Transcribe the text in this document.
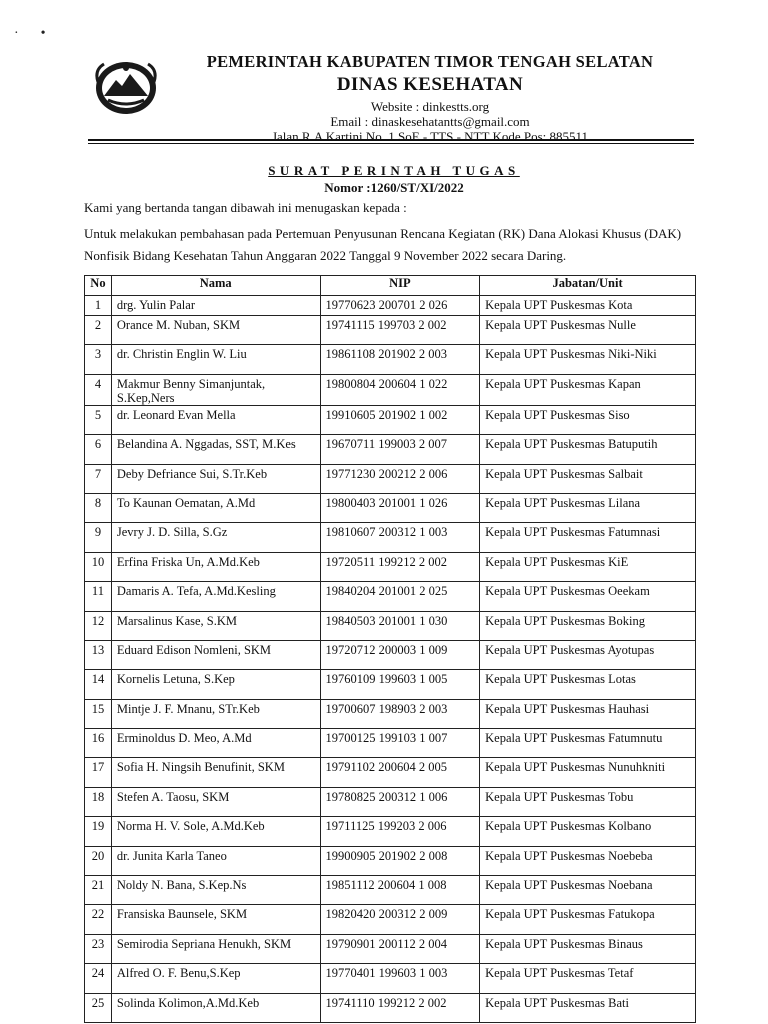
·•
PEMERINTAH KABUPATEN TIMOR TENGAH SELATAN
DINAS KESEHATAN
Website : dinkestts.org
Email : dinaskesehatantts@gmail.com
Jalan R.A Kartini No. 1 SoE - TTS - NTT Kode Pos: 885511
SURAT PERINTAH TUGAS
Nomor :1260/ST/XI/2022
Kami yang bertanda tangan dibawah ini menugaskan kepada :
Untuk melakukan pembahasan pada Pertemuan Penyusunan Rencana Kegiatan (RK) Dana Alokasi Khusus (DAK) Nonfisik Bidang Kesehatan Tahun Anggaran 2022 Tanggal 9 November 2022 secara Daring.
No	Nama	NIP	Jabatan/Unit
1	drg. Yulin Palar	19770623 200701 2 026	Kepala UPT Puskesmas Kota
2	Orance M. Nuban, SKM	19741115 199703 2 002	Kepala UPT Puskesmas Nulle
3	dr. Christin Englin W. Liu	19861108 201902 2 003	Kepala UPT Puskesmas Niki-Niki
4	Makmur Benny Simanjuntak, S.Kep,Ners	19800804 200604 1 022	Kepala UPT Puskesmas Kapan
5	dr. Leonard Evan Mella	19910605 201902 1 002	Kepala UPT Puskesmas Siso
6	Belandina A. Nggadas, SST, M.Kes	19670711 199003 2 007	Kepala UPT Puskesmas Batuputih
7	Deby Defriance Sui, S.Tr.Keb	19771230 200212 2 006	Kepala UPT Puskesmas Salbait
8	To Kaunan Oematan, A.Md	19800403 201001 1 026	Kepala UPT Puskesmas Lilana
9	Jevry J. D. Silla, S.Gz	19810607 200312 1 003	Kepala UPT Puskesmas Fatumnasi
10	Erfina Friska Un, A.Md.Keb	19720511 199212 2 002	Kepala UPT Puskesmas KiE
11	Damaris A. Tefa, A.Md.Kesling	19840204 201001 2 025	Kepala UPT Puskesmas Oeekam
12	Marsalinus Kase, S.KM	19840503 201001 1 030	Kepala UPT Puskesmas Boking
13	Eduard Edison Nomleni, SKM	19720712 200003 1 009	Kepala UPT Puskesmas Ayotupas
14	Kornelis Letuna, S.Kep	19760109 199603 1 005	Kepala UPT Puskesmas Lotas
15	Mintje J. F. Mnanu, STr.Keb	19700607 198903 2 003	Kepala UPT Puskesmas Hauhasi
16	Erminoldus D. Meo, A.Md	19700125 199103 1 007	Kepala UPT Puskesmas Fatumnutu
17	Sofia H. Ningsih Benufinit, SKM	19791102 200604 2 005	Kepala UPT Puskesmas Nunuhkniti
18	Stefen A. Taosu, SKM	19780825 200312 1 006	Kepala UPT Puskesmas Tobu
19	Norma H. V. Sole, A.Md.Keb	19711125 199203 2 006	Kepala UPT Puskesmas Kolbano
20	dr. Junita Karla Taneo	19900905 201902 2 008	Kepala UPT Puskesmas Noebeba
21	Noldy N. Bana, S.Kep.Ns	19851112 200604 1 008	Kepala UPT Puskesmas Noebana
22	Fransiska Baunsele, SKM	19820420 200312 2 009	Kepala UPT Puskesmas Fatukopa
23	Semirodia Sepriana Henukh, SKM	19790901 200112 2 004	Kepala UPT Puskesmas Binaus
24	Alfred O. F. Benu,S.Kep	19770401 199603 1 003	Kepala UPT Puskesmas Tetaf
25	Solinda Kolimon,A.Md.Keb	19741110 199212 2 002	Kepala UPT Puskesmas Bati
